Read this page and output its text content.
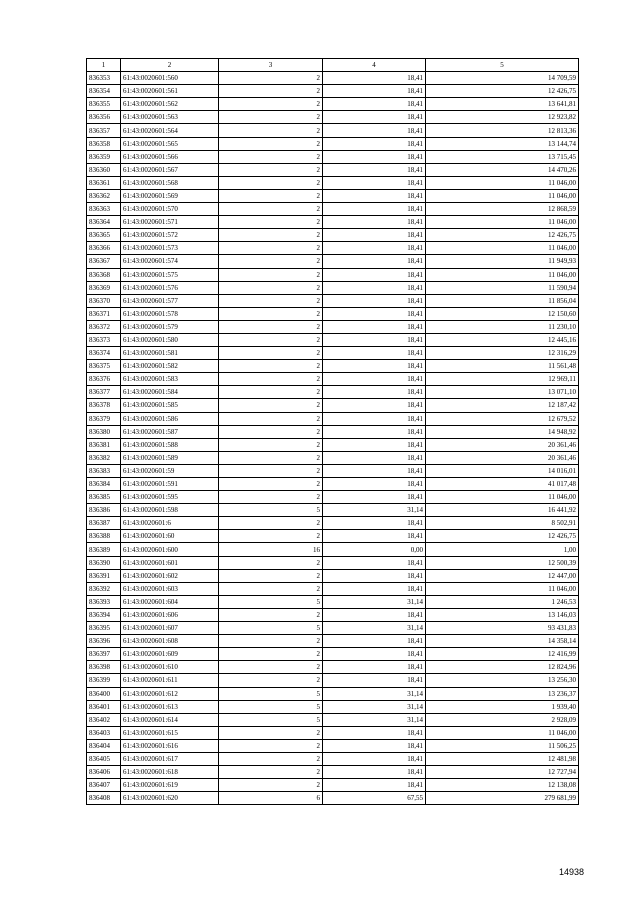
1	2	3	4	5
836353	61:43:0020601:560	2	18,41	14 709,59
836354	61:43:0020601:561	2	18,41	12 426,75
836355	61:43:0020601:562	2	18,41	13 641,81
836356	61:43:0020601:563	2	18,41	12 923,82
836357	61:43:0020601:564	2	18,41	12 813,36
836358	61:43:0020601:565	2	18,41	13 144,74
836359	61:43:0020601:566	2	18,41	13 715,45
836360	61:43:0020601:567	2	18,41	14 470,26
836361	61:43:0020601:568	2	18,41	11 046,00
836362	61:43:0020601:569	2	18,41	11 046,00
836363	61:43:0020601:570	2	18,41	12 868,59
836364	61:43:0020601:571	2	18,41	11 046,00
836365	61:43:0020601:572	2	18,41	12 426,75
836366	61:43:0020601:573	2	18,41	11 046,00
836367	61:43:0020601:574	2	18,41	11 949,93
836368	61:43:0020601:575	2	18,41	11 046,00
836369	61:43:0020601:576	2	18,41	11 590,94
836370	61:43:0020601:577	2	18,41	11 856,04
836371	61:43:0020601:578	2	18,41	12 150,60
836372	61:43:0020601:579	2	18,41	11 230,10
836373	61:43:0020601:580	2	18,41	12 445,16
836374	61:43:0020601:581	2	18,41	12 316,29
836375	61:43:0020601:582	2	18,41	11 561,48
836376	61:43:0020601:583	2	18,41	12 969,11
836377	61:43:0020601:584	2	18,41	13 071,10
836378	61:43:0020601:585	2	18,41	12 187,42
836379	61:43:0020601:586	2	18,41	12 679,52
836380	61:43:0020601:587	2	18,41	14 948,92
836381	61:43:0020601:588	2	18,41	20 361,46
836382	61:43:0020601:589	2	18,41	20 361,46
836383	61:43:0020601:59	2	18,41	14 016,01
836384	61:43:0020601:591	2	18,41	41 017,48
836385	61:43:0020601:595	2	18,41	11 046,00
836386	61:43:0020601:598	5	31,14	16 441,92
836387	61:43:0020601:6	2	18,41	8 502,91
836388	61:43:0020601:60	2	18,41	12 426,75
836389	61:43:0020601:600	16	0,00	1,00
836390	61:43:0020601:601	2	18,41	12 500,39
836391	61:43:0020601:602	2	18,41	12 447,00
836392	61:43:0020601:603	2	18,41	11 046,00
836393	61:43:0020601:604	5	31,14	1 246,53
836394	61:43:0020601:606	2	18,41	13 146,03
836395	61:43:0020601:607	5	31,14	93 431,83
836396	61:43:0020601:608	2	18,41	14 358,14
836397	61:43:0020601:609	2	18,41	12 416,99
836398	61:43:0020601:610	2	18,41	12 824,96
836399	61:43:0020601:611	2	18,41	13 256,30
836400	61:43:0020601:612	5	31,14	13 236,37
836401	61:43:0020601:613	5	31,14	1 939,40
836402	61:43:0020601:614	5	31,14	2 928,09
836403	61:43:0020601:615	2	18,41	11 046,00
836404	61:43:0020601:616	2	18,41	11 506,25
836405	61:43:0020601:617	2	18,41	12 481,98
836406	61:43:0020601:618	2	18,41	12 727,94
836407	61:43:0020601:619	2	18,41	12 138,08
836408	61:43:0020601:620	6	67,55	279 681,99
14938
